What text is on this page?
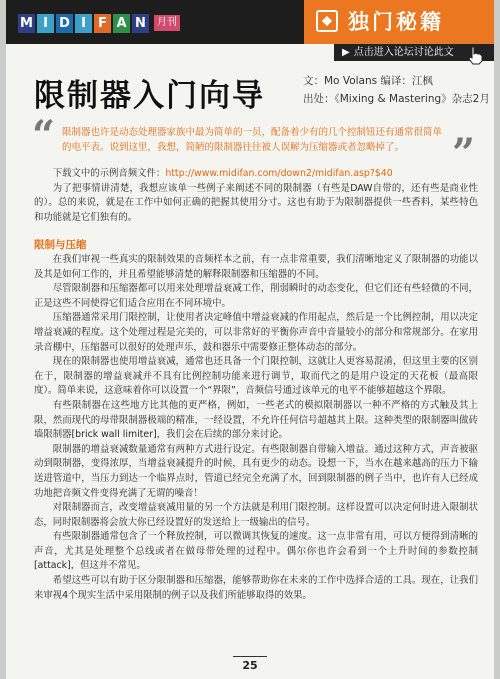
M I D I F A N	月刊	独门秘籍
▶ 点击进入论坛讨论此文
限制器入门向导	文：Mo Volans 编译：江枫
出处：《Mixing & Mastering》杂志2月
“ 限制器也许是动态处理器家族中最为简单的一员，配备着少有的几个控制钮还有通常很简单的电平表。说到这里，我想，简陋的限制器往往被人误解为压缩器或者忽略掉了。	”

下载文中的示例音频文件：http://www.midifan.com/down2/midifan.asp?$40

为了把事情讲清楚，我想应该单一些例子来阐述不同的限制器（有些是DAW自带的，还有些是商业性的）。总的来说，就是在工作中如何正确的把握其使用分寸。这也有助于为限制器提供一些香料，某些特色和功能就是它们独有的。

限制与压缩

在我们审视一些真实的限制效果的音频样本之前，有一点非常重要，我们清晰地定义了限制器的功能以及其是如何工作的，并且希望能够清楚的解释限制器和压缩器的不同。

尽管限制器和压缩器都可以用来处理增益衰减工作，削弱瞬时的动态变化，但它们还有些轻微的不同，正是这些不同使得它们适合应用在不同环境中。

压缩器通常采用门限控制，让使用者决定峰值中增益衰减的作用起点，然后是一个比例控制，用以决定增益衰减的程度。这个处理过程是完美的，可以非常好的平衡你声音中音量较小的部分和常规部分。在家用录音棚中，压缩器可以很好的处理声乐，鼓和器乐中需要修正整体动态的部分。

现在的限制器也使用增益衰减，通常也还具备一个门限控制，这就让人更容易混淆，但这里主要的区别在于，限制器的增益衰减并不具有比例控制功能来进行调节，取而代之的是用户设定的天花板（最高限度）。简单来说，这意味着你可以设置一个“界限”，音频信号通过该单元的电平不能够超越这个界限。

有些限制器在这些地方比其他的更严格，例如，一些老式的模拟限制器以一种不严格的方式触及其上限，然而现代的母带限制器极端的精准，一经设置，不允许任何信号超越其上限。这种类型的限制器叫做砖墙限制器[brick wall limiter]，我们会在后续的部分来讨论。

限制器的增益衰减数量通常有两种方式进行设定。有些限制器自带输入增益。通过这种方式，声音被驱动到限制器，变得浓厚，当增益衰减提升的时候，具有更少的动态。设想一下，当水在越来越高的压力下输送进管道中，当压力到达一个临界点时，管道已经完全充满了水，回到限制器的例子当中，也许有人已经成功地把音频文件变得充满了无谓的噪音！

对限制器而言，改变增益衰减用量的另一个方法就是利用门限控制。这样设置可以决定何时进入限制状态，同时限制器将会放大你已经设置好的发送给上一级输出的信号。

有些限制器通常包含了一个释放控制，可以微调其恢复的速度。这一点非常有用，可以方便得到清晰的声音，尤其是处理整个总线或者在做母带处理的过程中。偶尔你也许会看到一个上升时间的参数控制[attack]，但这并不常见。

希望这些可以有助于区分限制器和压缩器，能够帮助你在未来的工作中选择合适的工具。现在，让我们来审视4个现实生活中采用限制的例子以及我们所能够取得的效果。

25
